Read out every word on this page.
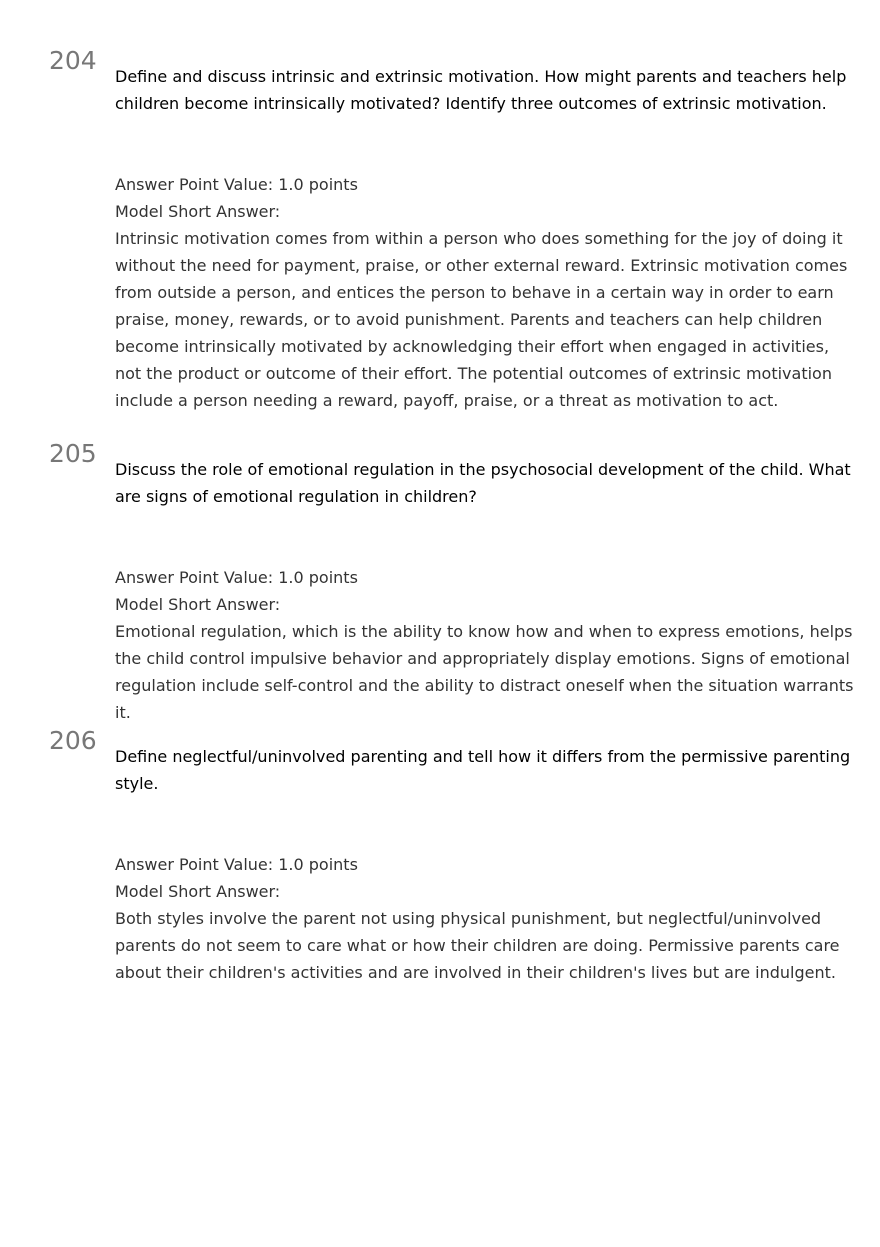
204

Define and discuss intrinsic and extrinsic motivation. How might parents and teachers help children become intrinsically motivated? Identify three outcomes of extrinsic motivation.

Answer Point Value: 1.0 points

Model Short Answer:

Intrinsic motivation comes from within a person who does something for the joy of doing it without the need for payment, praise, or other external reward. Extrinsic motivation comes from outside a person, and entices the person to behave in a certain way in order to earn praise, money, rewards, or to avoid punishment. Parents and teachers can help children become intrinsically motivated by acknowledging their effort when engaged in activities, not the product or outcome of their effort. The potential outcomes of extrinsic motivation include a person needing a reward, payoff, praise, or a threat as motivation to act.

205

Discuss the role of emotional regulation in the psychosocial development of the child. What are signs of emotional regulation in children?

Answer Point Value: 1.0 points

Model Short Answer:

Emotional regulation, which is the ability to know how and when to express emotions, helps the child control impulsive behavior and appropriately display emotions. Signs of emotional regulation include self-control and the ability to distract oneself when the situation warrants it.

206

Define neglectful/uninvolved parenting and tell how it differs from the permissive parenting style.

Answer Point Value: 1.0 points

Model Short Answer:

Both styles involve the parent not using physical punishment, but neglectful/uninvolved parents do not seem to care what or how their children are doing. Permissive parents care about their children's activities and are involved in their children's lives but are indulgent.
